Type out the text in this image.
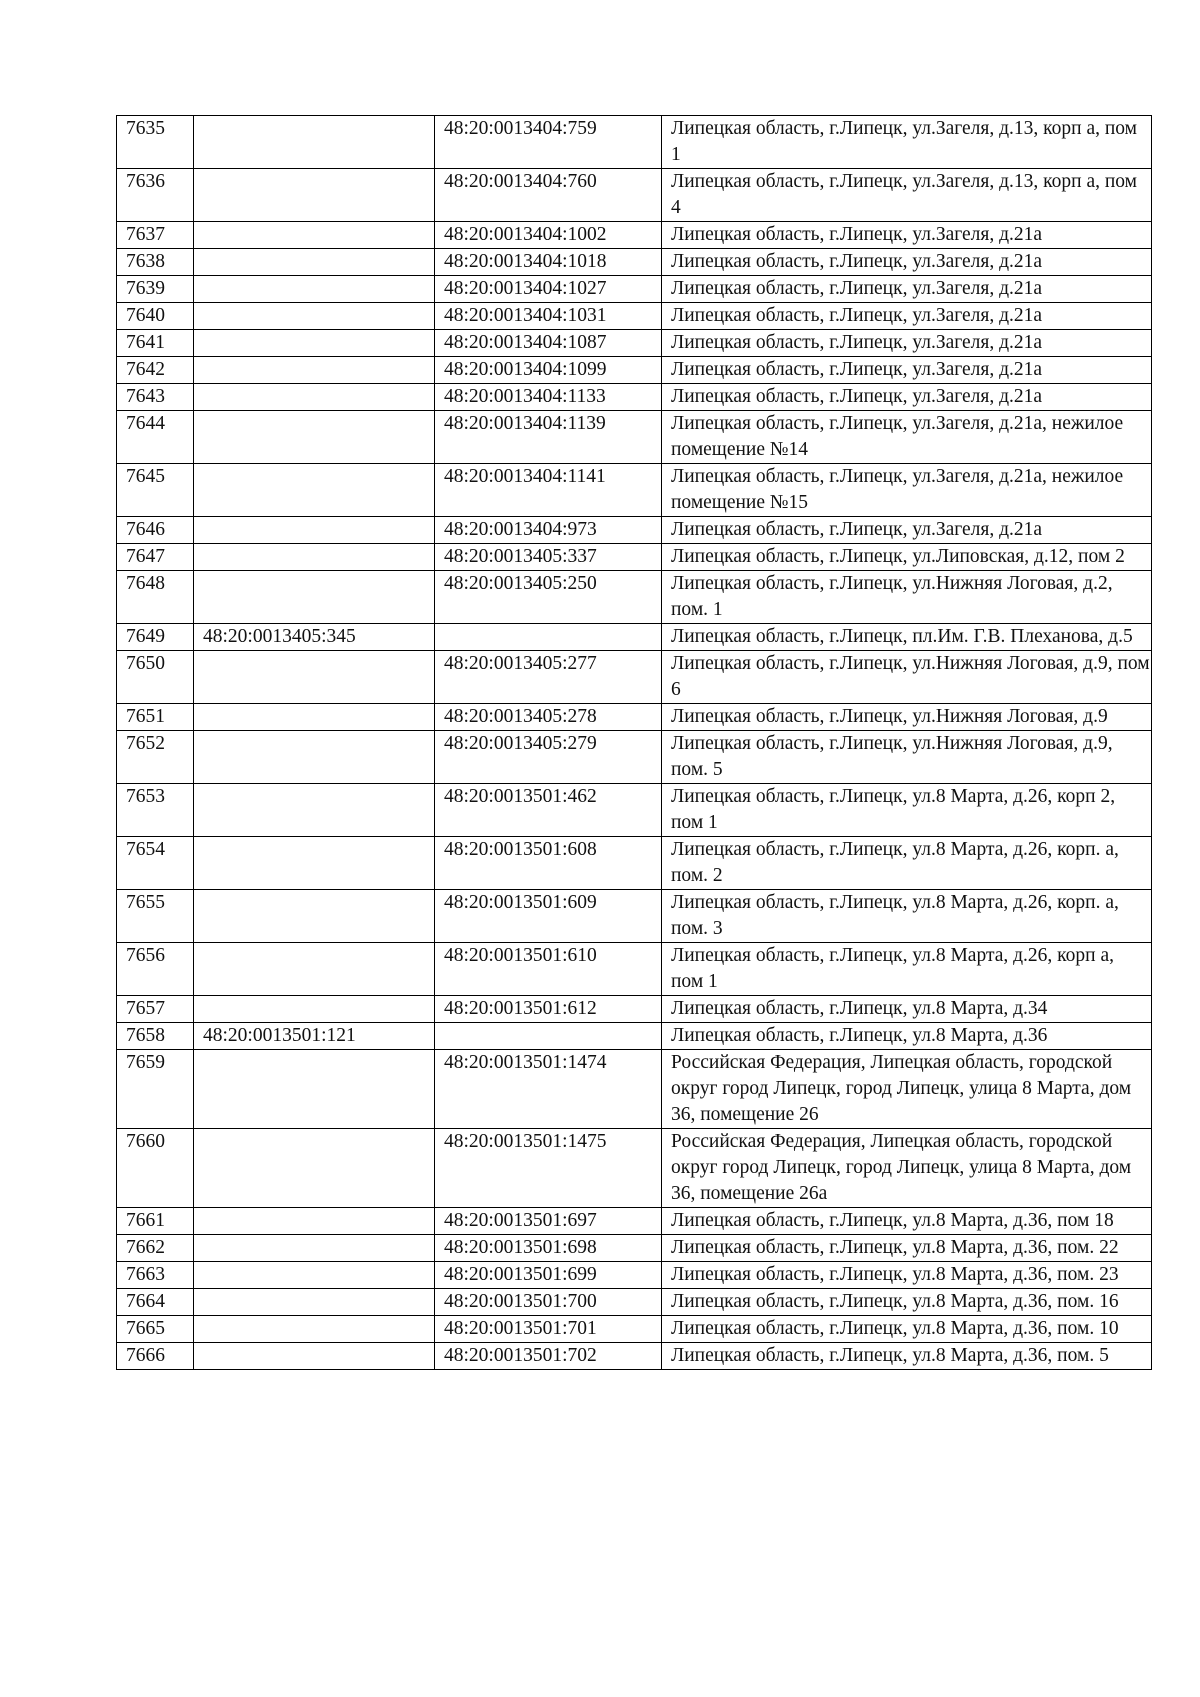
7635		48:20:0013404:759	Липецкая область, г.Липецк, ул.Загеля, д.13, корп а, пом 1
7636		48:20:0013404:760	Липецкая область, г.Липецк, ул.Загеля, д.13, корп а, пом 4
7637		48:20:0013404:1002	Липецкая область, г.Липецк, ул.Загеля, д.21а
7638		48:20:0013404:1018	Липецкая область, г.Липецк, ул.Загеля, д.21а
7639		48:20:0013404:1027	Липецкая область, г.Липецк, ул.Загеля, д.21а
7640		48:20:0013404:1031	Липецкая область, г.Липецк, ул.Загеля, д.21а
7641		48:20:0013404:1087	Липецкая область, г.Липецк, ул.Загеля, д.21а
7642		48:20:0013404:1099	Липецкая область, г.Липецк, ул.Загеля, д.21а
7643		48:20:0013404:1133	Липецкая область, г.Липецк, ул.Загеля, д.21а
7644		48:20:0013404:1139	Липецкая область, г.Липецк, ул.Загеля, д.21а, нежилое помещение №14
7645		48:20:0013404:1141	Липецкая область, г.Липецк, ул.Загеля, д.21а, нежилое помещение №15
7646		48:20:0013404:973	Липецкая область, г.Липецк, ул.Загеля, д.21а
7647		48:20:0013405:337	Липецкая область, г.Липецк, ул.Липовская, д.12, пом 2
7648		48:20:0013405:250	Липецкая область, г.Липецк, ул.Нижняя Логовая, д.2, пом. 1
7649	48:20:0013405:345		Липецкая область, г.Липецк, пл.Им. Г.В. Плеханова, д.5
7650		48:20:0013405:277	Липецкая область, г.Липецк, ул.Нижняя Логовая, д.9, пом 6
7651		48:20:0013405:278	Липецкая область, г.Липецк, ул.Нижняя Логовая, д.9
7652		48:20:0013405:279	Липецкая область, г.Липецк, ул.Нижняя Логовая, д.9, пом. 5
7653		48:20:0013501:462	Липецкая область, г.Липецк, ул.8 Марта, д.26, корп 2, пом 1
7654		48:20:0013501:608	Липецкая область, г.Липецк, ул.8 Марта, д.26, корп. а, пом. 2
7655		48:20:0013501:609	Липецкая область, г.Липецк, ул.8 Марта, д.26, корп. а, пом. 3
7656		48:20:0013501:610	Липецкая область, г.Липецк, ул.8 Марта, д.26, корп а, пом 1
7657		48:20:0013501:612	Липецкая область, г.Липецк, ул.8 Марта, д.34
7658	48:20:0013501:121		Липецкая область, г.Липецк, ул.8 Марта, д.36
7659		48:20:0013501:1474	Российская Федерация, Липецкая область, городской округ город Липецк, город Липецк, улица 8 Марта, дом 36, помещение 26
7660		48:20:0013501:1475	Российская Федерация, Липецкая область, городской округ город Липецк, город Липецк, улица 8 Марта, дом 36, помещение 26а
7661		48:20:0013501:697	Липецкая область, г.Липецк, ул.8 Марта, д.36, пом 18
7662		48:20:0013501:698	Липецкая область, г.Липецк, ул.8 Марта, д.36, пом. 22
7663		48:20:0013501:699	Липецкая область, г.Липецк, ул.8 Марта, д.36, пом. 23
7664		48:20:0013501:700	Липецкая область, г.Липецк, ул.8 Марта, д.36, пом. 16
7665		48:20:0013501:701	Липецкая область, г.Липецк, ул.8 Марта, д.36, пом. 10
7666		48:20:0013501:702	Липецкая область, г.Липецк, ул.8 Марта, д.36, пом. 5
